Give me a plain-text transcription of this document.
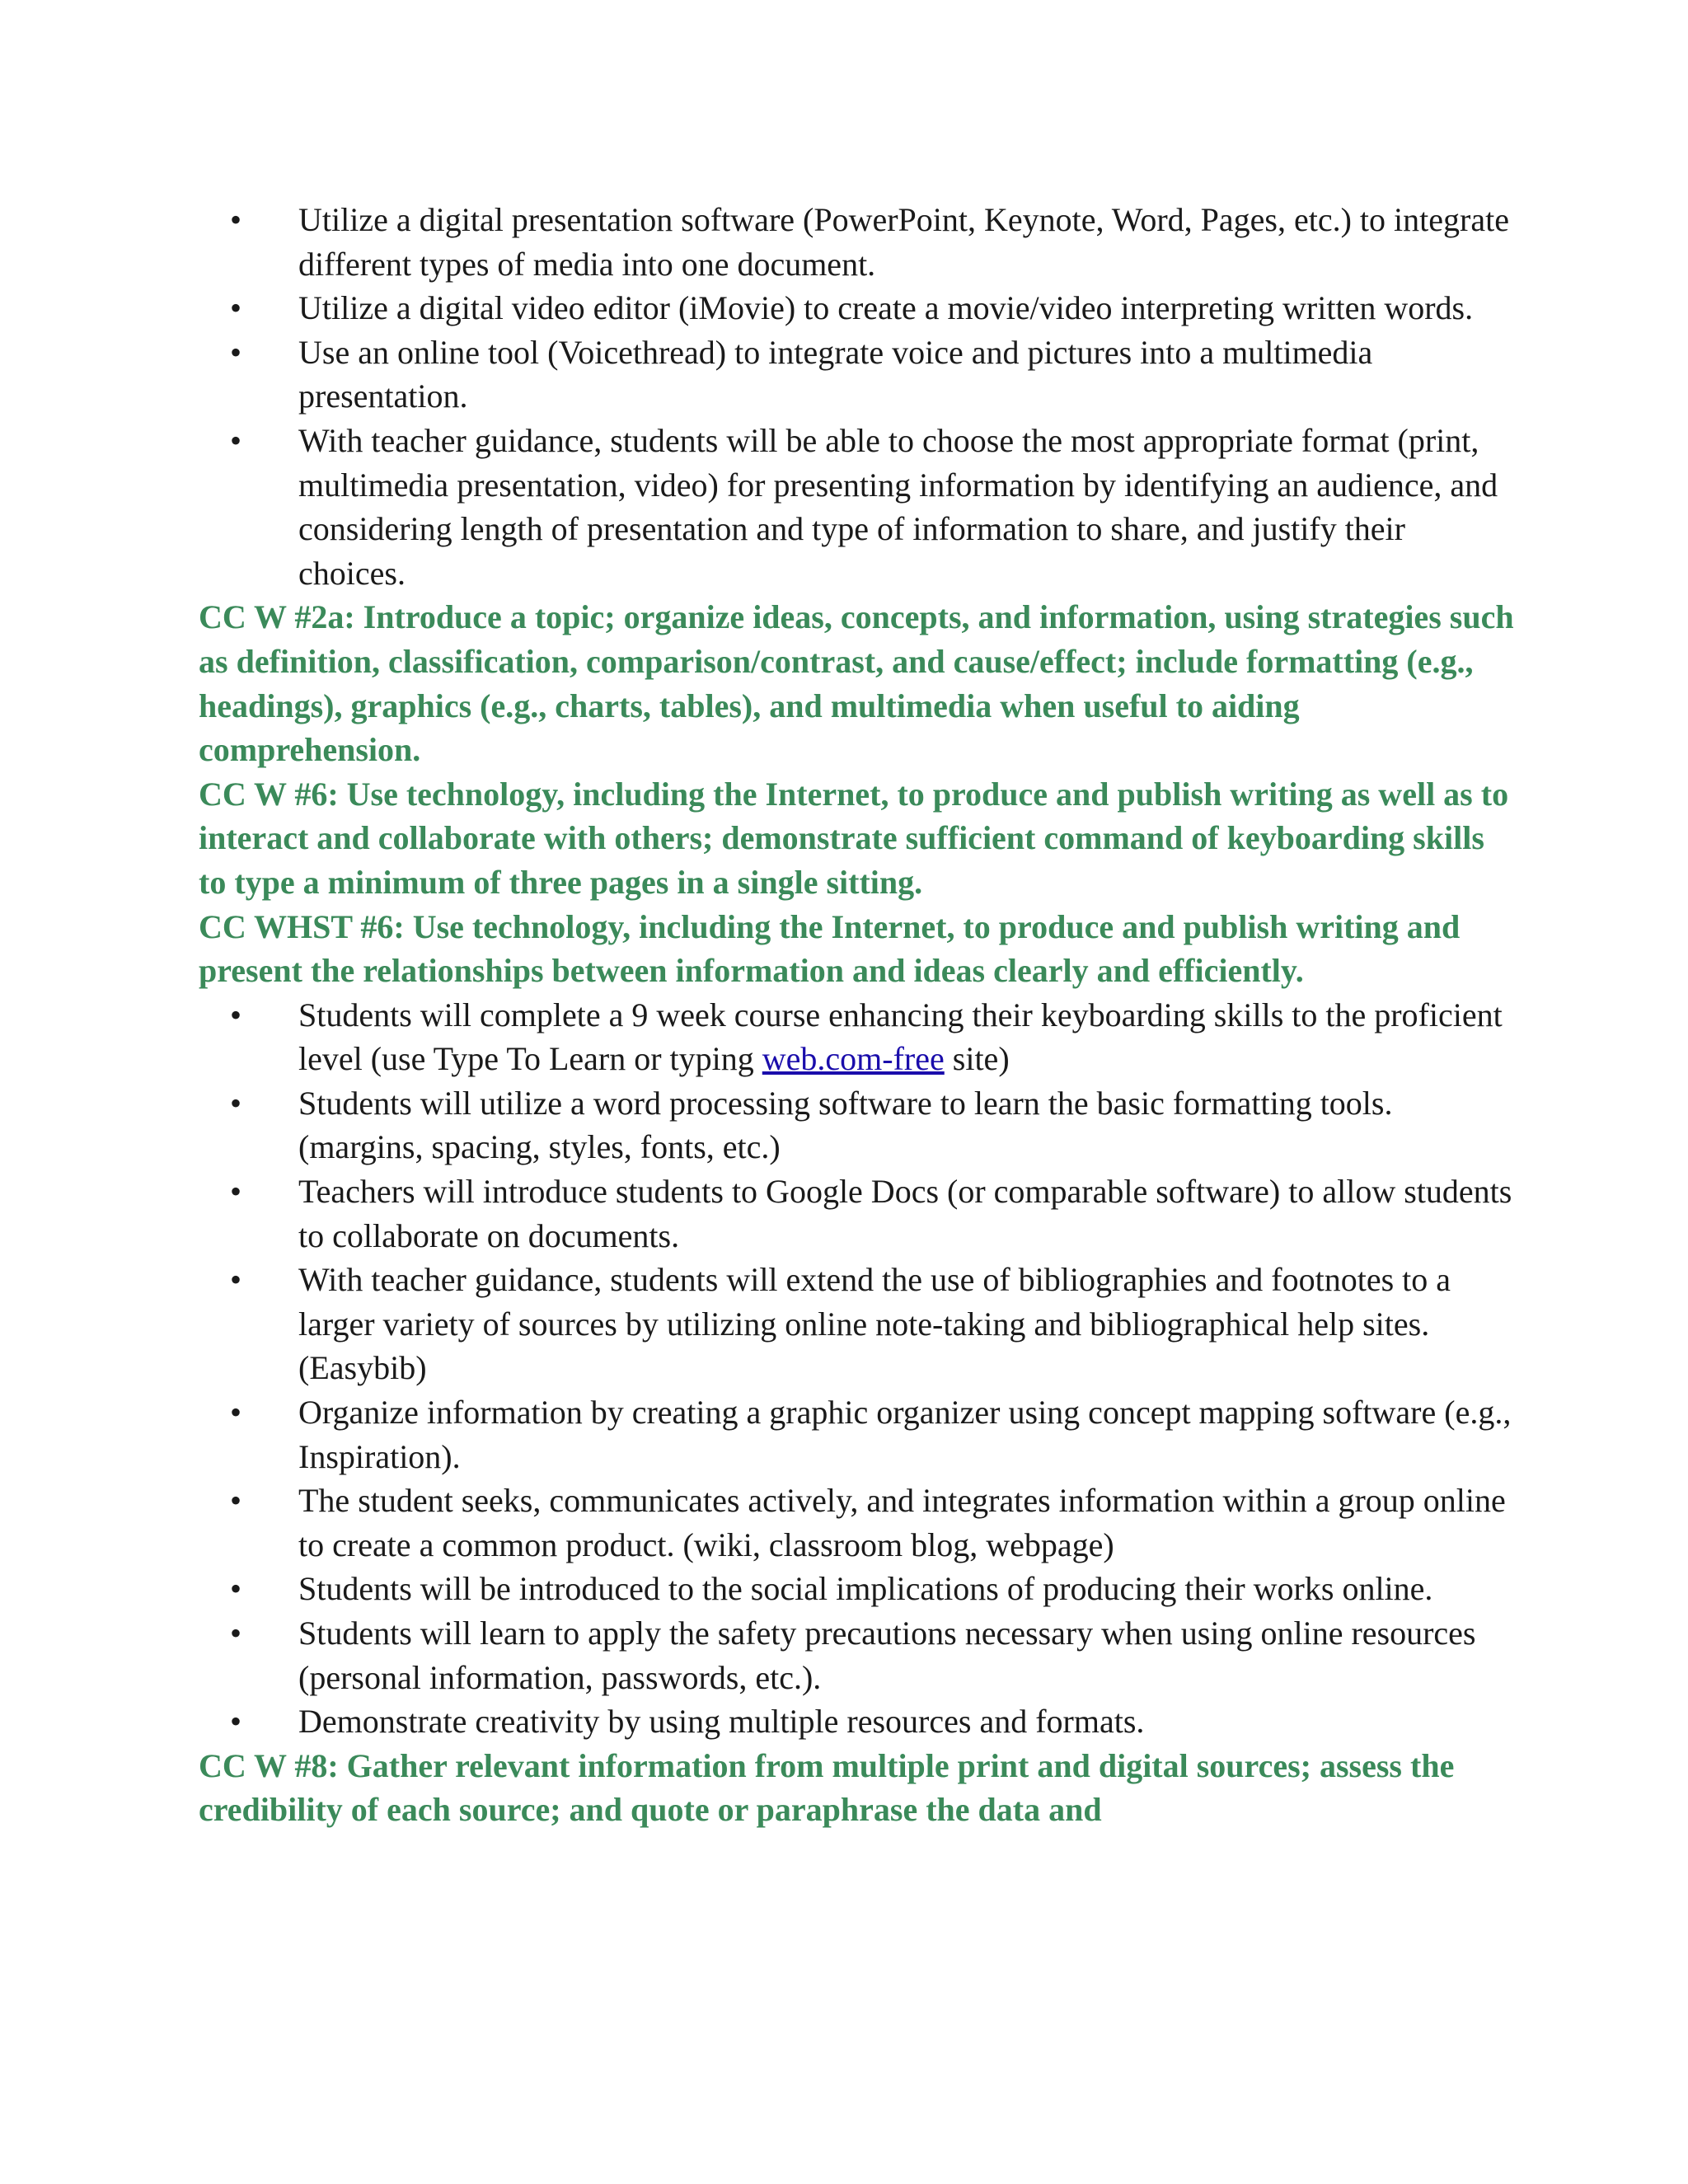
• Utilize a digital presentation software (PowerPoint, Keynote, Word, Pages, etc.) to integrate different types of media into one document.
• Utilize a digital video editor (iMovie) to create a movie/video interpreting written words.
• Use an online tool (Voicethread) to integrate voice and pictures into a multimedia presentation.
• With teacher guidance, students will be able to choose the most appropriate format (print, multimedia presentation, video) for presenting information by identifying an audience, and considering length of presentation and type of information to share, and justify their choices.

CC W #2a: Introduce a topic; organize ideas, concepts, and information, using strategies such as definition, classification, comparison/contrast, and cause/effect; include formatting (e.g., headings), graphics (e.g., charts, tables), and multimedia when useful to aiding comprehension.

CC W #6: Use technology, including the Internet, to produce and publish writing as well as to interact and collaborate with others; demonstrate sufficient command of keyboarding skills to type a minimum of three pages in a single sitting.

CC WHST #6: Use technology, including the Internet, to produce and publish writing and present the relationships between information and ideas clearly and efficiently.

• Students will complete a 9 week course enhancing their keyboarding skills to the proficient level (use Type To Learn or typing web.com-free site)
• Students will utilize a word processing software to learn the basic formatting tools. (margins, spacing, styles, fonts, etc.)
• Teachers will introduce students to Google Docs (or comparable software) to allow students to collaborate on documents.
• With teacher guidance, students will extend the use of bibliographies and footnotes to a larger variety of sources by utilizing online note-taking and bibliographical help sites. (Easybib)
• Organize information by creating a graphic organizer using concept mapping software (e.g., Inspiration).
• The student seeks, communicates actively, and integrates information within a group online to create a common product. (wiki, classroom blog, webpage)
• Students will be introduced to the social implications of producing their works online.
• Students will learn to apply the safety precautions necessary when using online resources (personal information, passwords, etc.).
• Demonstrate creativity by using multiple resources and formats.

CC W #8: Gather relevant information from multiple print and digital sources; assess the credibility of each source; and quote or paraphrase the data and
